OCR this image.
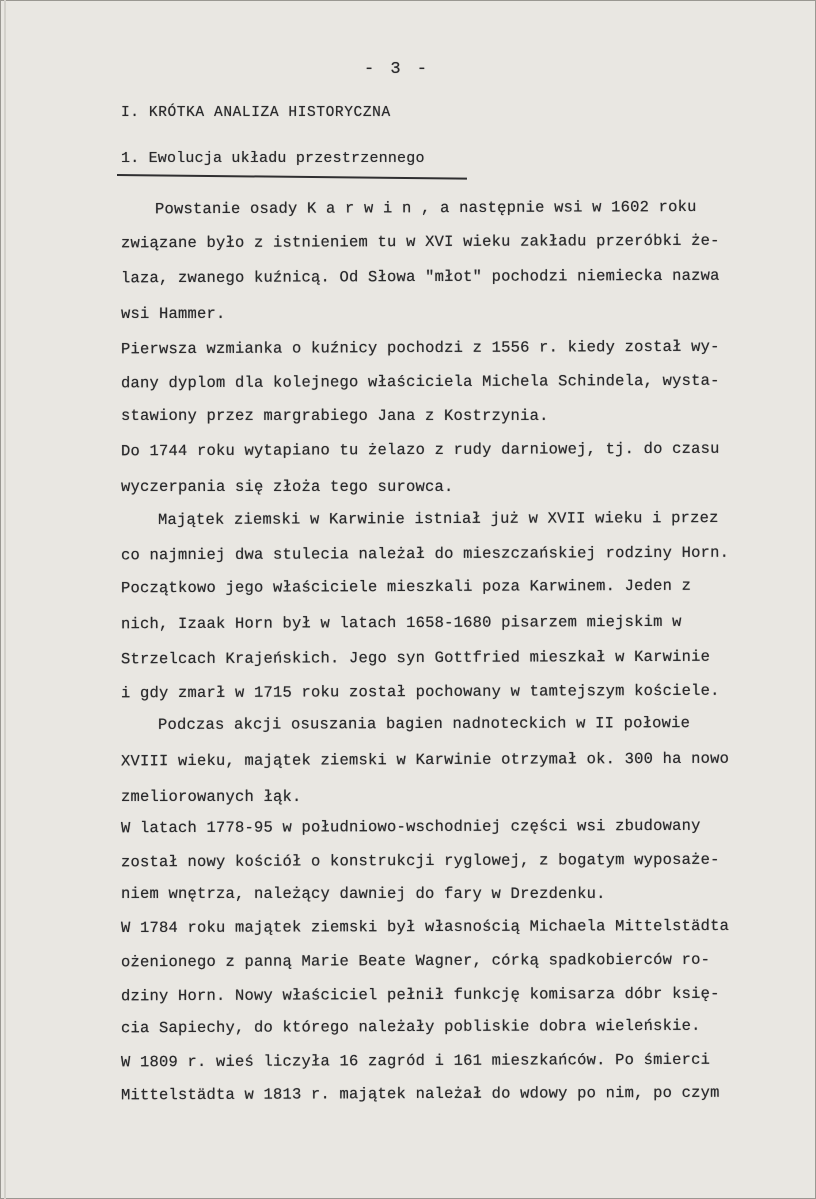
- 3 -
I. KRÓTKA ANALIZA HISTORYCZNA
1. Ewolucja układu przestrzennego
Powstanie osady K a r w i n , a następnie wsi w 1602 roku
związane było z istnieniem tu w XVI wieku zakładu przeróbki że-
laza, zwanego kuźnicą. Od Słowa "młot" pochodzi niemiecka nazwa
wsi Hammer.
Pierwsza wzmianka o kuźnicy pochodzi z 1556 r. kiedy został wy-
dany dyplom dla kolejnego właściciela Michela Schindela, wysta-
stawiony przez margrabiego Jana z Kostrzynia.
Do 1744 roku wytapiano tu żelazo z rudy darniowej, tj. do czasu
wyczerpania się złoża tego surowca.
Majątek ziemski w Karwinie istniał już w XVII wieku i przez
co najmniej dwa stulecia należał do mieszczańskiej rodziny Horn.
Początkowo jego właściciele mieszkali poza Karwinem. Jeden z
nich, Izaak Horn był w latach 1658-1680 pisarzem miejskim w
Strzelcach Krajeńskich. Jego syn Gottfried mieszkał w Karwinie
i gdy zmarł w 1715 roku został pochowany w tamtejszym kościele.
Podczas akcji osuszania bagien nadnoteckich w II połowie
XVIII wieku, majątek ziemski w Karwinie otrzymał ok. 300 ha nowo
zmeliorowanych łąk.
W latach 1778-95 w południowo-wschodniej części wsi zbudowany
został nowy kościół o konstrukcji ryglowej, z bogatym wyposaże-
niem wnętrza, należący dawniej do fary w Drezdenku.
W 1784 roku majątek ziemski był własnością Michaela Mittelstädta
ożenionego z panną Marie Beate Wagner, córką spadkobierców ro-
dziny Horn. Nowy właściciel pełnił funkcję komisarza dóbr księ-
cia Sapiechy, do którego należały pobliskie dobra wieleńskie.
W 1809 r. wieś liczyła 16 zagród i 161 mieszkańców. Po śmierci
Mittelstädta w 1813 r. majątek należał do wdowy po nim, po czym
